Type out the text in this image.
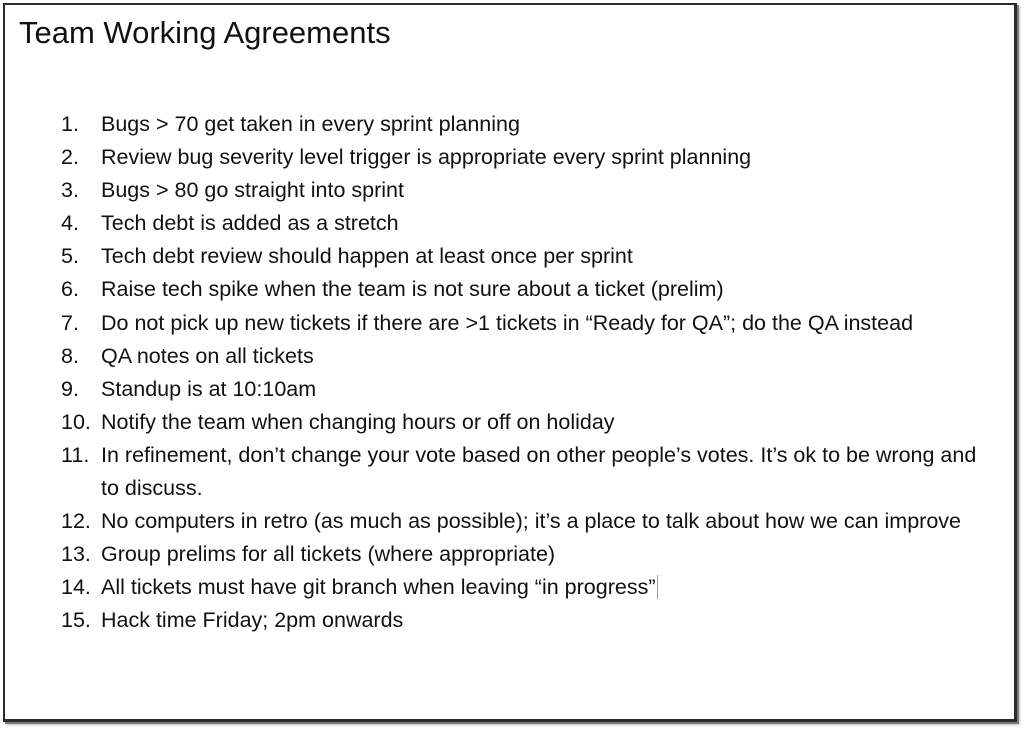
Team Working Agreements
1.	Bugs > 70 get taken in every sprint planning
2.	Review bug severity level trigger is appropriate every sprint planning
3.	Bugs > 80 go straight into sprint
4.	Tech debt is added as a stretch
5.	Tech debt review should happen at least once per sprint
6.	Raise tech spike when the team is not sure about a ticket (prelim)
7.	Do not pick up new tickets if there are >1 tickets in “Ready for QA”; do the QA instead
8.	QA notes on all tickets
9.	Standup is at 10:10am
10. Notify the team when changing hours or off on holiday
11. In refinement, don’t change your vote based on other people’s votes. It’s ok to be wrong and to discuss.
12. No computers in retro (as much as possible); it’s a place to talk about how we can improve
13. Group prelims for all tickets (where appropriate)
14. All tickets must have git branch when leaving “in progress”
15. Hack time Friday; 2pm onwards
